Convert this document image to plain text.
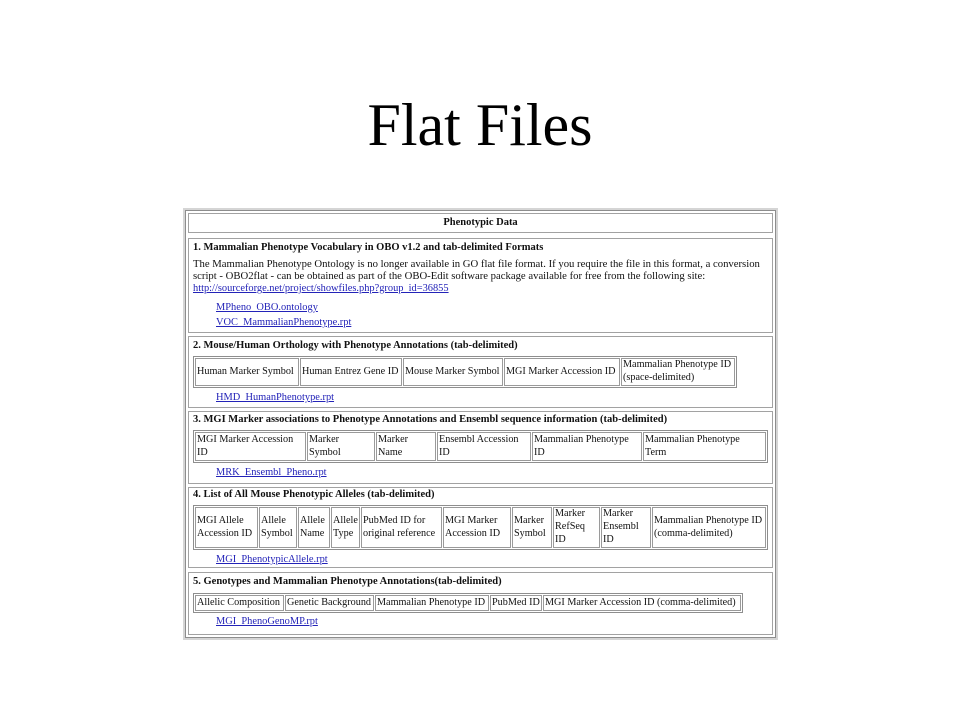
Flat Files
Phenotypic Data
1. Mammalian Phenotype Vocabulary in OBO v1.2 and tab-delimited Formats
The Mammalian Phenotype Ontology is no longer available in GO flat file format. If you require the file in this format, a conversion
script - OBO2flat - can be obtained as part of the OBO-Edit software package available for free from the following site:
http://sourceforge.net/project/showfiles.php?group_id=36855
MPheno_OBO.ontology
VOC_MammalianPhenotype.rpt
2. Mouse/Human Orthology with Phenotype Annotations (tab-delimited)
Human Marker Symbol Human Entrez Gene ID Mouse Marker Symbol MGI Marker Accession ID
Mammalian Phenotype ID
(space-delimited)
HMD_HumanPhenotype.rpt
3. MGI Marker associations to Phenotype Annotations and Ensembl sequence information (tab-delimited)
MGI Marker Accession
ID
Marker
Symbol
Marker
Name
Ensembl Accession
ID
Mammalian Phenotype
ID
Mammalian Phenotype
Term
MRK_Ensembl_Pheno.rpt
4. List of All Mouse Phenotypic Alleles (tab-delimited)
MGI Allele
Accession ID
Allele
Symbol
Allele
Name
Allele
Type
PubMed ID for
original reference
MGI Marker
Accession ID
Marker
Symbol
Marker
RefSeq
ID
Marker
Ensembl
ID
Mammalian Phenotype ID
(comma-delimited)
MGI_PhenotypicAllele.rpt
5. Genotypes and Mammalian Phenotype Annotations(tab-delimited)
Allelic Composition Genetic Background Mammalian Phenotype ID PubMed ID MGI Marker Accession ID (comma-delimited)
MGI_PhenoGenoMP.rpt
